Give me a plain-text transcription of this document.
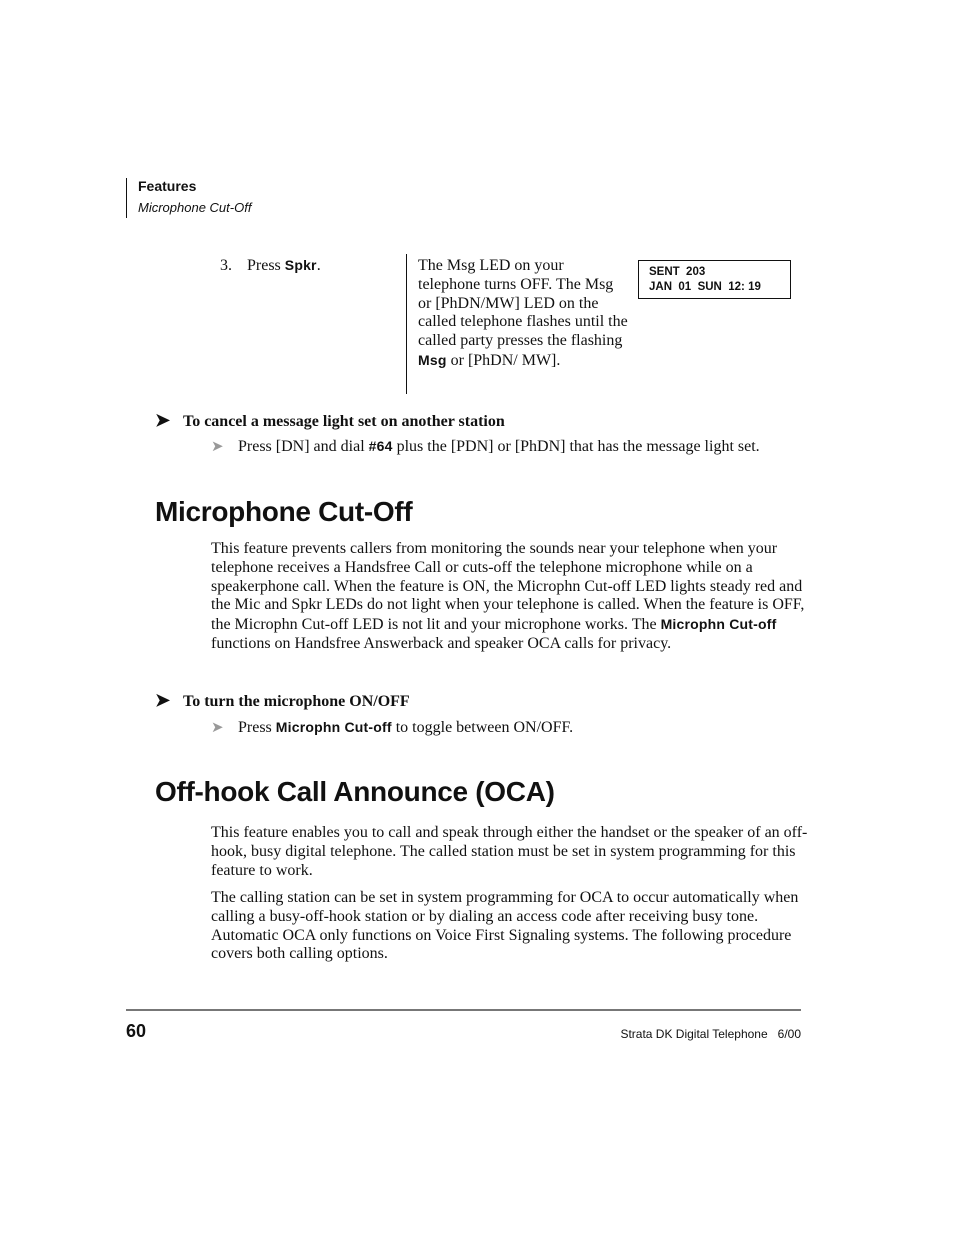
Features
Microphone Cut-Off
3. Press Spkr.	The Msg LED on your telephone turns OFF. The Msg or [PhDN/MW] LED on the called telephone flashes until the called party presses the flashing Msg or [PhDN/ MW].
SENT  203
JAN  01  SUN  12: 19
➤ To cancel a message light set on another station
➤ Press [DN] and dial #64 plus the [PDN] or [PhDN] that has the message light set.
Microphone Cut-Off
This feature prevents callers from monitoring the sounds near your telephone when your telephone receives a Handsfree Call or cuts-off the telephone microphone while on a speakerphone call. When the feature is ON, the Microphn Cut-off LED lights steady red and the Mic and Spkr LEDs do not light when your telephone is called. When the feature is OFF, the Microphn Cut-off LED is not lit and your microphone works. The Microphn Cut-off functions on Handsfree Answerback and speaker OCA calls for privacy.
➤ To turn the microphone ON/OFF
➤ Press Microphn Cut-off to toggle between ON/OFF.
Off-hook Call Announce (OCA)
This feature enables you to call and speak through either the handset or the speaker of an off-hook, busy digital telephone. The called station must be set in system programming for this feature to work.
The calling station can be set in system programming for OCA to occur automatically when calling a busy-off-hook station or by dialing an access code after receiving busy tone. Automatic OCA only functions on Voice First Signaling systems. The following procedure covers both calling options.
60	Strata DK Digital Telephone   6/00
